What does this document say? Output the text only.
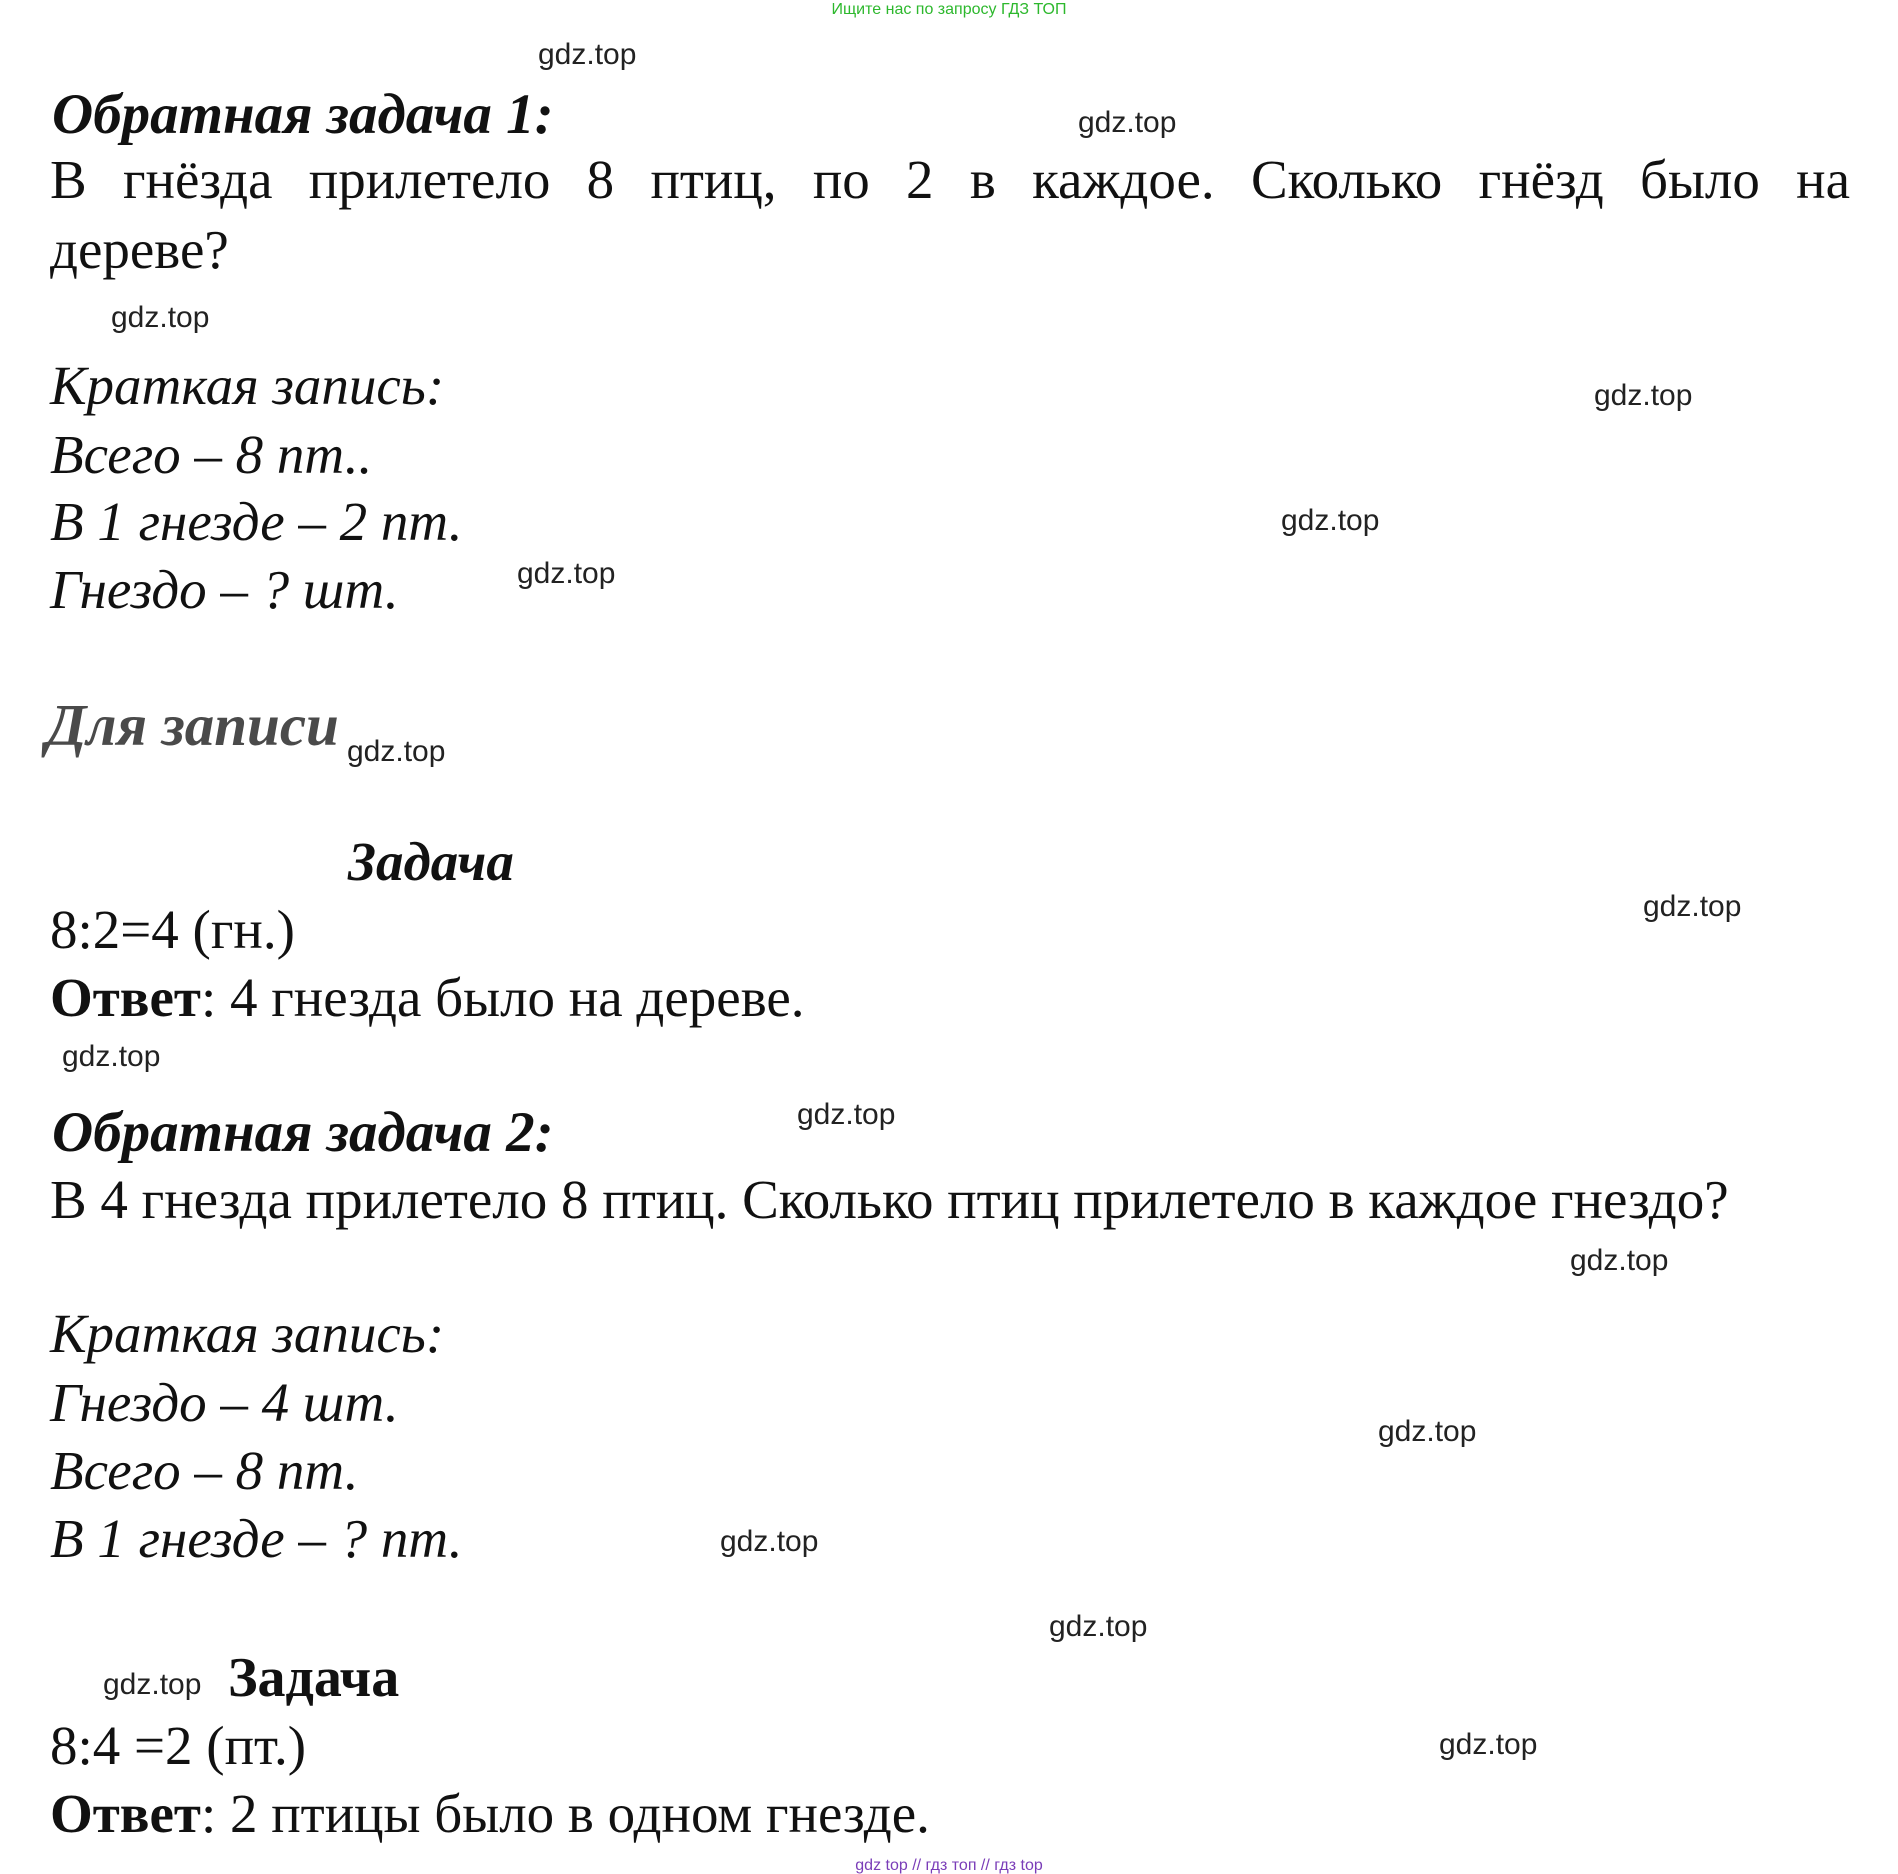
Ищите нас по запросу ГДЗ ТОП
gdz.top
gdz.top
gdz.top
gdz.top
gdz.top
gdz.top
gdz.top
gdz.top
gdz.top
gdz.top
gdz.top
gdz.top
gdz.top
gdz.top
gdz.top
gdz.top
Обратная задача 1:
В гнёзда прилетело 8 птиц, по 2 в каждое. Сколько гнёзд было на
дереве?
Краткая запись:
Всего – 8 пт..
В 1 гнезде – 2 пт.
Гнездо – ? шт.
Для записи
Задача
8:2=4 (гн.)
Ответ: 4 гнезда было на дереве.
Обратная задача 2:
В 4 гнезда прилетело 8 птиц. Сколько птиц прилетело в каждое гнездо?
Краткая запись:
Гнездо – 4 шт.
Всего – 8 пт.
В 1 гнезде – ? пт.
Задача
8:4 =2 (пт.)
Ответ: 2 птицы было в одном гнезде.
gdz top // гдз топ // гдз top
